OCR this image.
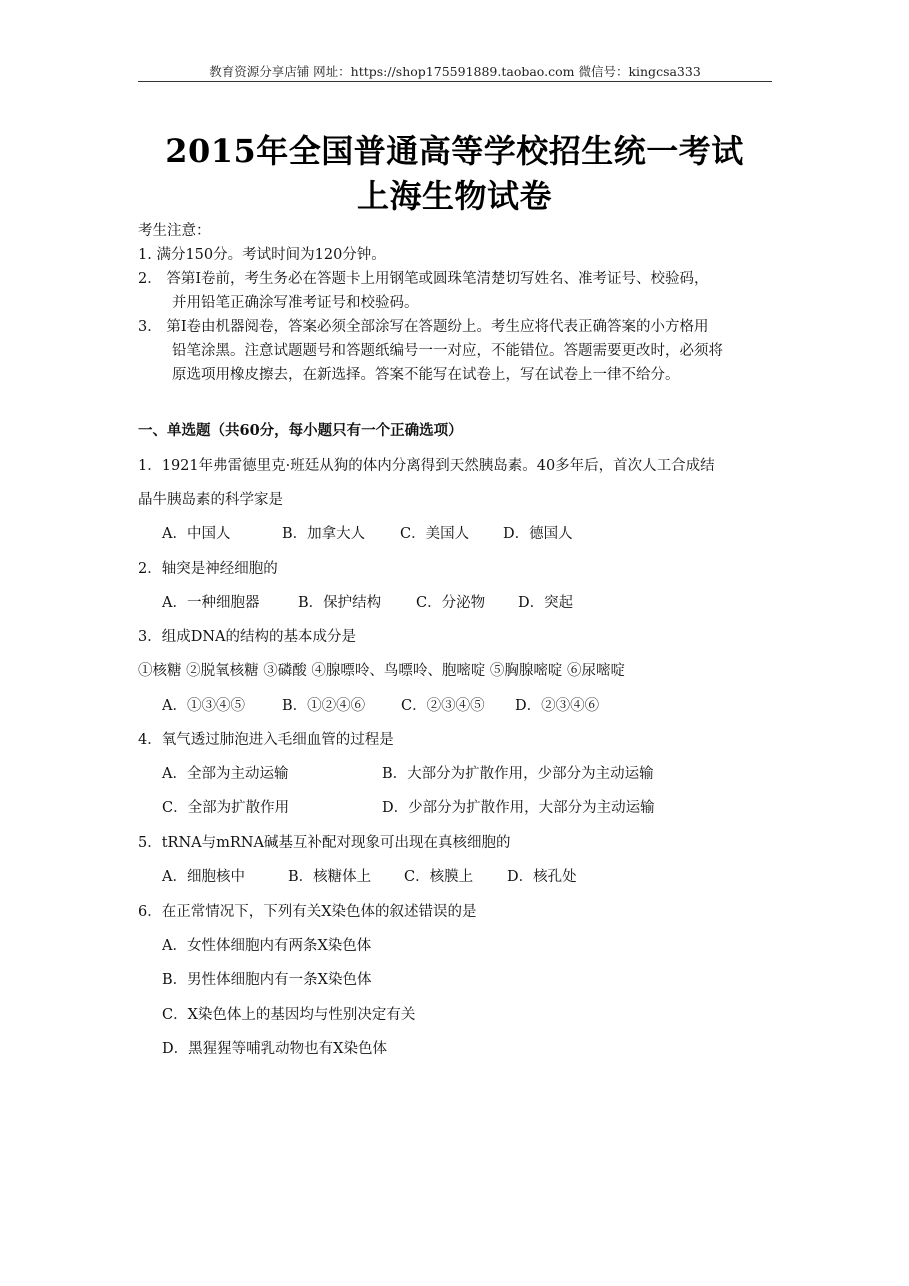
教育资源分享店铺 网址：https://shop175591889.taobao.com 微信号：kingcsa333
2015年全国普通高等学校招生统一考试
上海生物试卷
考生注意：
1. 满分150分。考试时间为120分钟。
2． 答第Ⅰ卷前，考生务必在答题卡上用钢笔或圆珠笔清楚切写姓名、准考证号、校验码，
并用铅笔正确涂写准考证号和校验码。
3． 第Ⅰ卷由机器阅卷，答案必须全部涂写在答题纷上。考生应将代表正确答案的小方格用
铅笔涂黑。注意试题题号和答题纸编号一一对应，不能错位。答题需要更改时，必须将
原选项用橡皮擦去，在新选择。答案不能写在试卷上，写在试卷上一律不给分。
一、单选题（共60分，每小题只有一个正确选项）
1．1921年弗雷德里克·班廷从狗的体内分离得到天然胰岛素。40多年后，首次人工合成结
晶牛胰岛素的科学家是
A．中国人	B．加拿大人 C．美国人 D．德国人
2．轴突是神经细胞的
A．一种细胞器	B．保护结构 C．分泌物 D．突起
3．组成DNA的结构的基本成分是
①核糖 ②脱氧核糖 ③磷酸 ④腺嘌呤、鸟嘌呤、胞嘧啶 ⑤胸腺嘧啶 ⑥尿嘧啶
A．①③④⑤	B．①②④⑥ C．②③④⑤ D．②③④⑥
4．氧气透过肺泡进入毛细血管的过程是
A．全部为主动运输	B．大部分为扩散作用，少部分为主动运输
C．全部为扩散作用	D．少部分为扩散作用，大部分为主动运输
5．tRNA与mRNA碱基互补配对现象可出现在真核细胞的
A．细胞核中	B．核糖体上 C．核膜上 D．核孔处
6．在正常情况下，下列有关X染色体的叙述错误的是
A．女性体细胞内有两条X染色体
B．男性体细胞内有一条X染色体
C．X染色体上的基因均与性别决定有关
D．黑猩猩等哺乳动物也有X染色体
